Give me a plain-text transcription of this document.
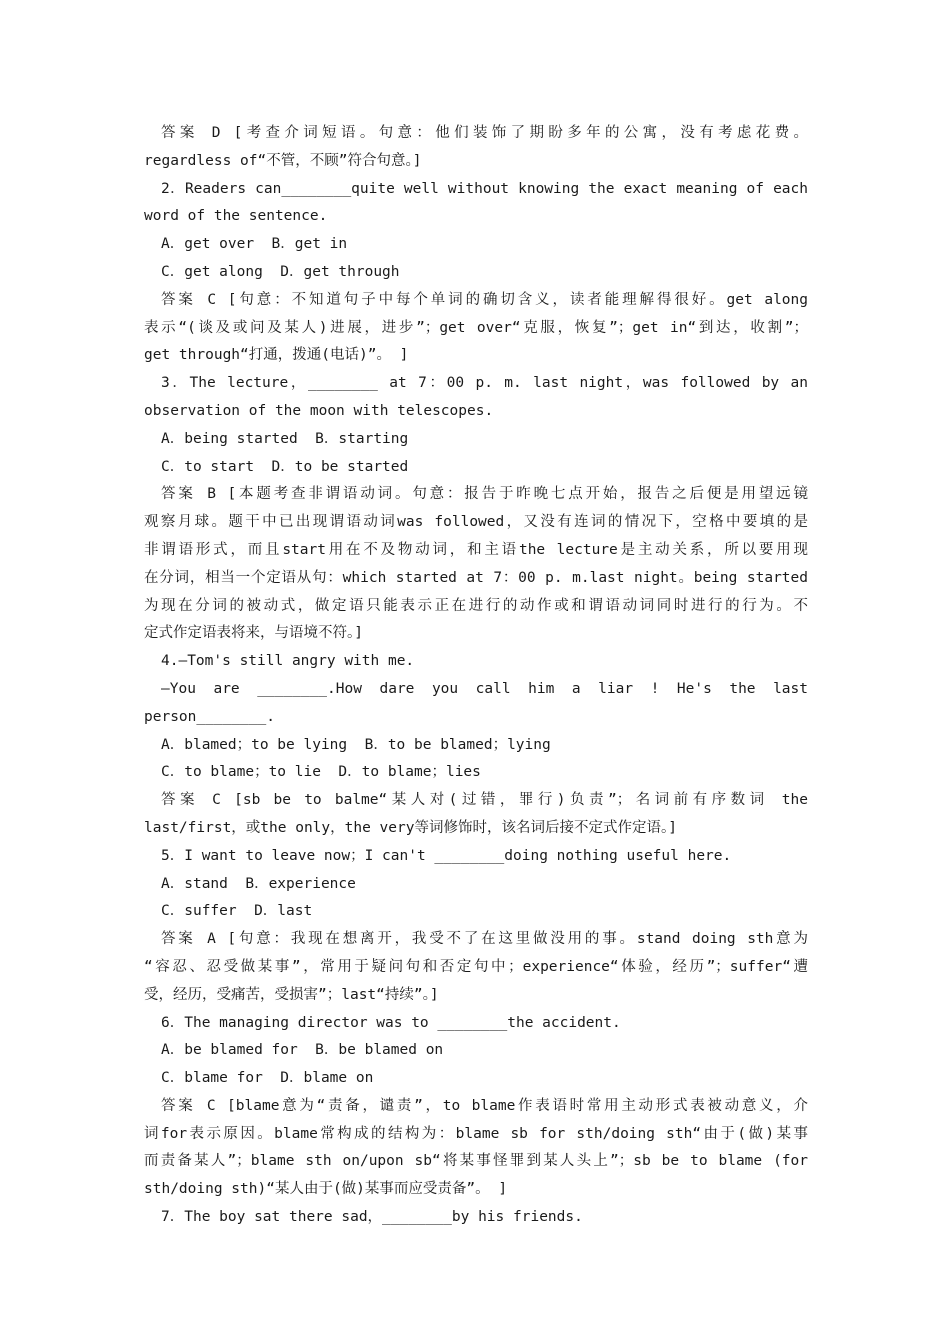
答案 D [考查介词短语。句意：他们装饰了期盼多年的公寓，没有考虑花费。
regardless of“不管，不顾”符合句意。]
2．Readers can________quite well without knowing the exact meaning of each
word of the sentence.
A．get over  B．get in
C．get along  D．get through
答案 C [句意：不知道句子中每个单词的确切含义，读者能理解得很好。get along
表示“(谈及或问及某人)进展，进步”；get over“克服，恢复”；get in“到达，收割”；
get through“打通，拨通(电话)”。 ]
3．The lecture，________ at 7：00 p. m. last night，was followed by an
observation of the moon with telescopes.
A．being started  B．starting
C．to start  D．to be started
答案 B [本题考查非谓语动词。句意：报告于昨晚七点开始，报告之后便是用望远镜
观察月球。题干中已出现谓语动词was followed，又没有连词的情况下，空格中要填的是
非谓语形式，而且start用在不及物动词，和主语the lecture是主动关系，所以要用现
在分词，相当一个定语从句：which started at 7：00 p. m.last night。being started
为现在分词的被动式，做定语只能表示正在进行的动作或和谓语动词同时进行的行为。不
定式作定语表将来，与语境不符。]
4.—Tom's still angry with me.
—You are ________.How dare you call him a liar ! He's the last
person________.
A．blamed；to be lying  B．to be blamed；lying
C．to blame；to lie  D．to blame；lies
答案 C [sb be to balme“某人对(过错，罪行)负责”；名词前有序数词 the
last/first，或the only，the very等词修饰时，该名词后接不定式作定语。]
5．I want to leave now；I can't ________doing nothing useful here.
A．stand  B．experience
C．suffer  D．last
答案 A [句意：我现在想离开，我受不了在这里做没用的事。stand doing sth意为
“容忍、忍受做某事”，常用于疑问句和否定句中；experience“体验，经历”；suffer“遭
受，经历，受痛苦，受损害”；last“持续”。]
6．The managing director was to ________the accident.
A．be blamed for  B．be blamed on
C．blame for  D．blame on
答案 C [blame意为“责备，谴责”，to blame作表语时常用主动形式表被动意义，介
词for表示原因。blame常构成的结构为：blame sb for sth/doing sth“由于(做)某事
而责备某人”；blame sth on/upon sb“将某事怪罪到某人头上”；sb be to blame (for
sth/doing sth)“某人由于(做)某事而应受责备”。 ]
7．The boy sat there sad，________by his friends.
